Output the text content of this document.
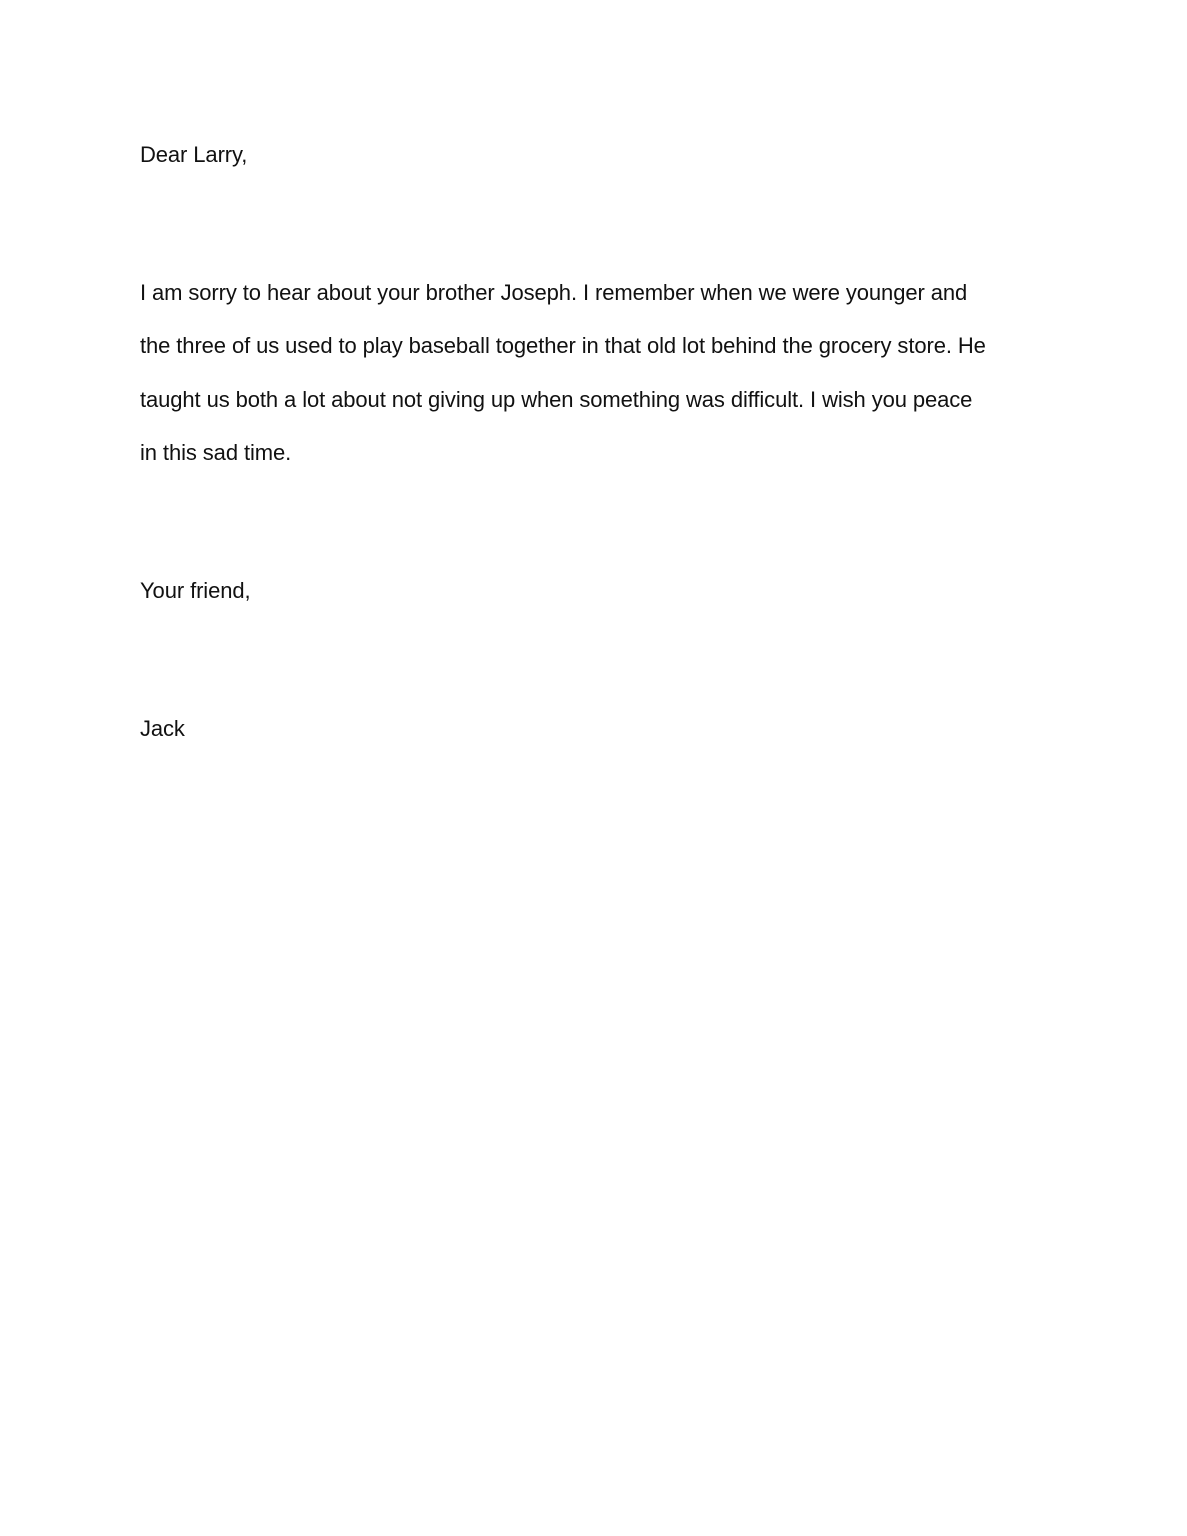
Dear Larry,
I am sorry to hear about your brother Joseph. I remember when we were younger and
the three of us used to play baseball together in that old lot behind the grocery store. He
taught us both a lot about not giving up when something was difficult. I wish you peace
in this sad time.
Your friend,
Jack
